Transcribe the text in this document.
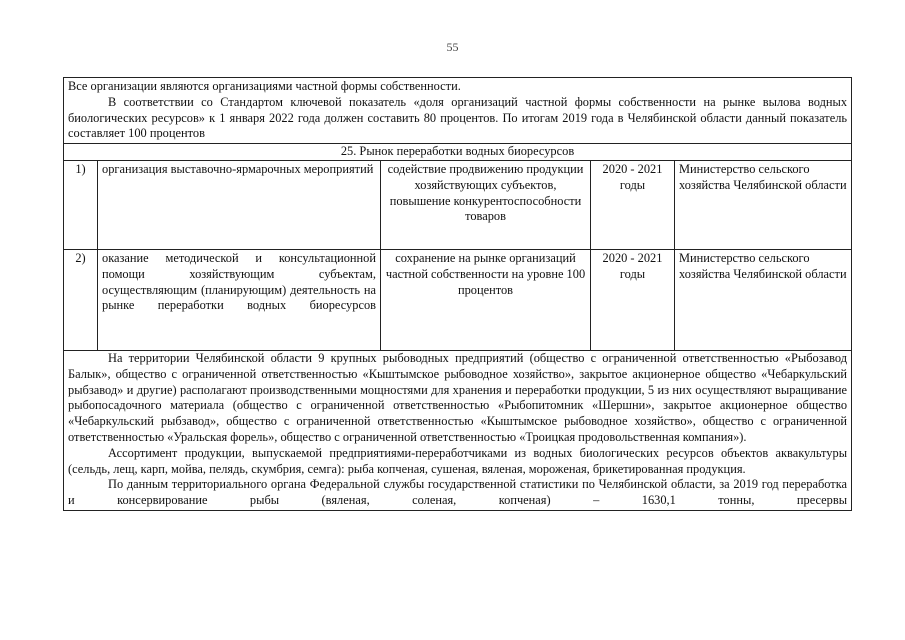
55

Все организации являются организациями частной формы собственности.

В соответствии со Стандартом ключевой показатель «доля организаций частной формы собственности на рынке вылова водных биологических ресурсов» к 1 января 2022 года должен составить 80 процентов. По итогам 2019 года в Челябинской области данный показатель составляет 100 процентов				

25. Рынок переработки водных биоресурсов				
1)	организация выставочно-ярмарочных мероприятий	содействие продвижению продукции хозяйствующих субъектов, повышение конкурентоспособности товаров	2020 - 2021 годы	Министерство сельского хозяйства Челябинской области
2)	оказание методической и консультационной помощи хозяйствующим субъектам, осуществляющим (планирующим) деятельность на рынке переработки водных биоресурсов	сохранение на рынке организаций частной собственности на уровне 100 процентов	2020 - 2021 годы	Министерство сельского хозяйства Челябинской области

На территории Челябинской области 9 крупных рыбоводных предприятий (общество с ограниченной ответственностью «Рыбозавод Балык», общество с ограниченной ответственностью «Кыштымское рыбоводное хозяйство», закрытое акционерное общество «Чебаркульский рыбзавод» и другие) располагают производственными мощностями для хранения и переработки продукции, 5 из них осуществляют выращивание рыбопосадочного материала (общество с ограниченной ответственностью «Рыбопитомник «Шершни», закрытое акционерное общество «Чебаркульский рыбзавод», общество с ограниченной ответственностью «Кыштымское рыбоводное хозяйство», общество с ограниченной ответственностью «Уральская форель», общество с ограниченной ответственностью «Троицкая продовольственная компания»).

Ассортимент продукции, выпускаемой предприятиями-переработчиками из водных биологических ресурсов объектов аквакультуры (сельдь, лещ, карп, мойва, пелядь, скумбрия, семга): рыба копченая, сушеная, вяленая, мороженая, брикетированная продукция.

По данным территориального органа Федеральной службы государственной статистики по Челябинской области, за 2019 год переработка и консервирование рыбы (вяленая, соленая, копченая) – 1630,1 тонны, пресервы				
